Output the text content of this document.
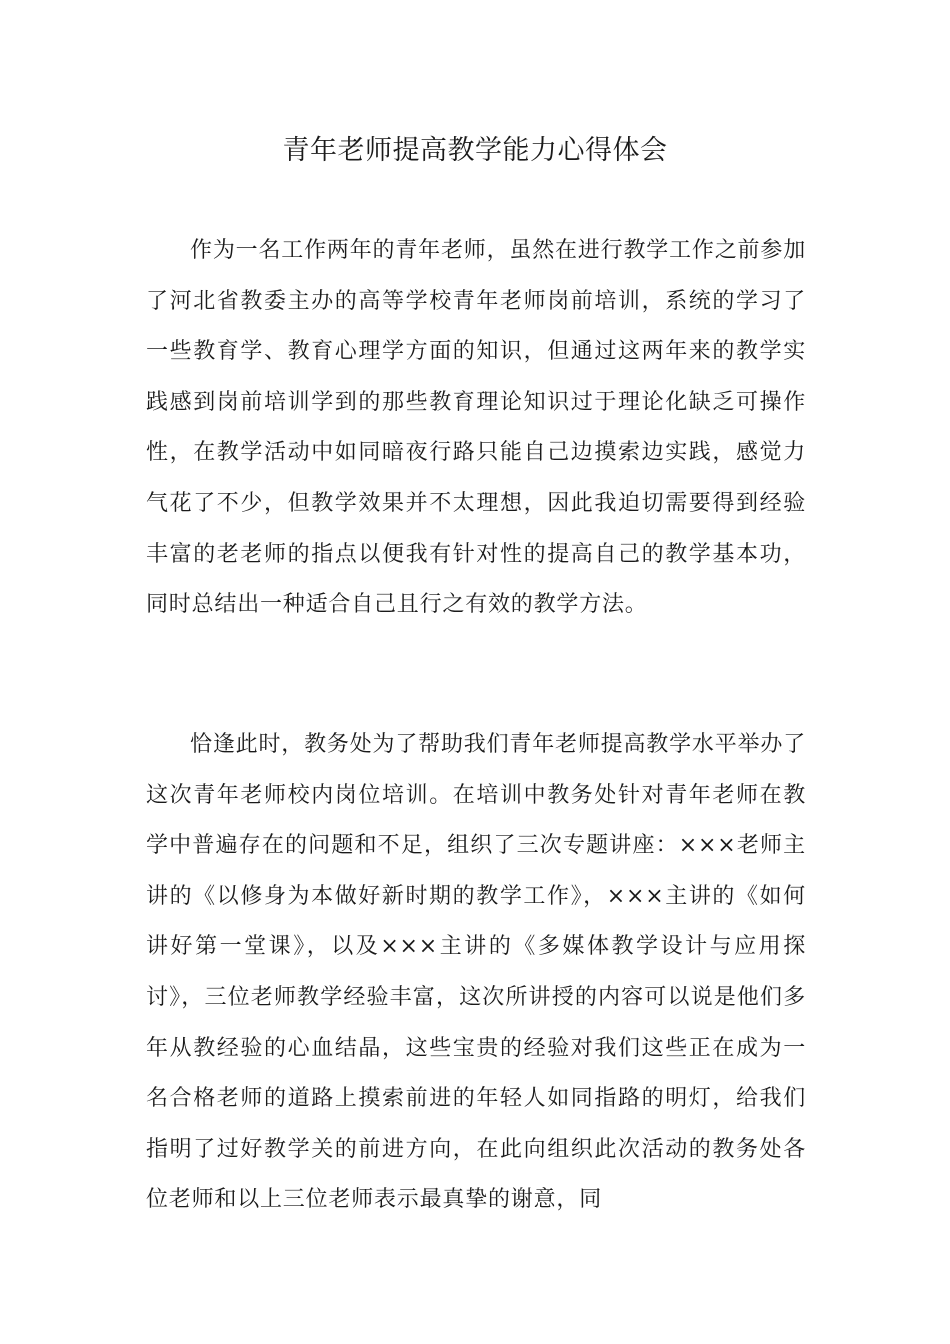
青年老师提高教学能力心得体会

作为一名工作两年的青年老师，虽然在进行教学工作之前参加了河北省教委主办的高等学校青年老师岗前培训，系统的学习了一些教育学、教育心理学方面的知识，但通过这两年来的教学实践感到岗前培训学到的那些教育理论知识过于理论化缺乏可操作性，在教学活动中如同暗夜行路只能自己边摸索边实践，感觉力气花了不少，但教学效果并不太理想，因此我迫切需要得到经验丰富的老老师的指点以便我有针对性的提高自己的教学基本功，同时总结出一种适合自己且行之有效的教学方法。

恰逢此时，教务处为了帮助我们青年老师提高教学水平举办了这次青年老师校内岗位培训。在培训中教务处针对青年老师在教学中普遍存在的问题和不足，组织了三次专题讲座：×××老师主讲的《以修身为本做好新时期的教学工作》，×××主讲的《如何讲好第一堂课》，以及×××主讲的《多媒体教学设计与应用探讨》，三位老师教学经验丰富，这次所讲授的内容可以说是他们多年从教经验的心血结晶，这些宝贵的经验对我们这些正在成为一名合格老师的道路上摸索前进的年轻人如同指路的明灯，给我们指明了过好教学关的前进方向，在此向组织此次活动的教务处各位老师和以上三位老师表示最真挚的谢意，同
